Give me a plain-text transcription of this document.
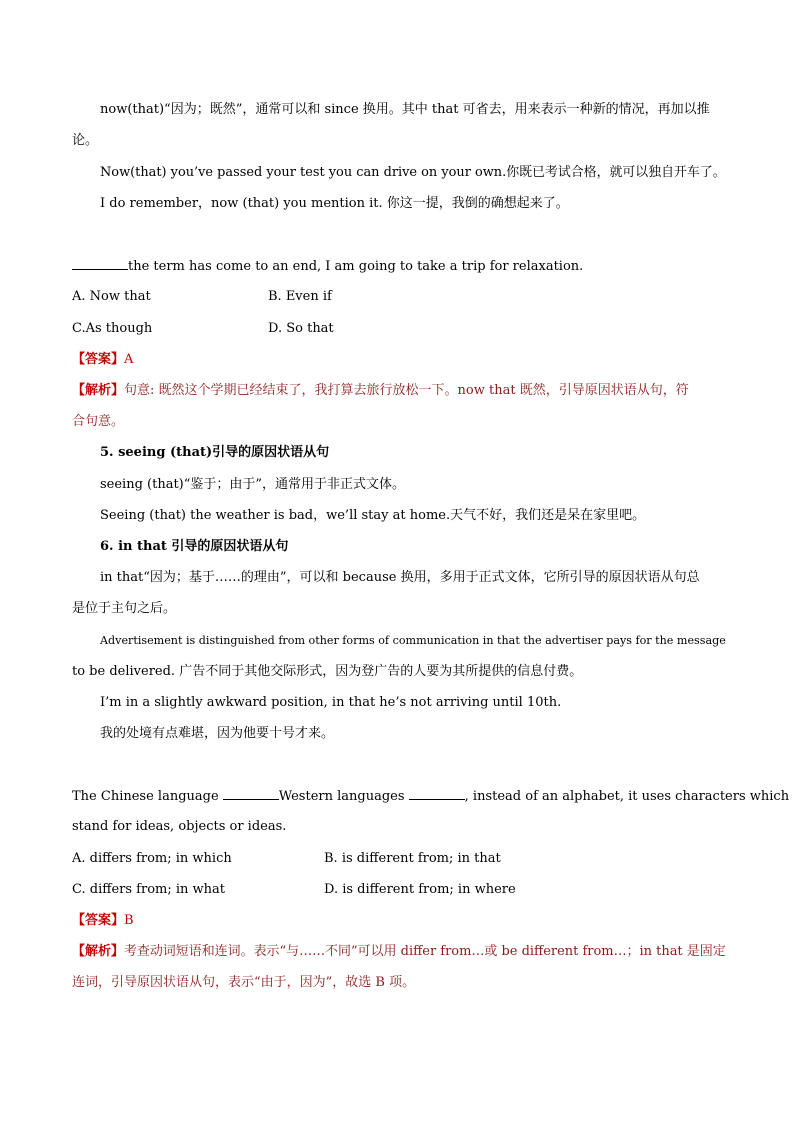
now(that)“因为；既然”，通常可以和 since 换用。其中 that 可省去，用来表示一种新的情况，再加以推
论。
Now(that) you’ve passed your test you can drive on your own.你既已考试合格，就可以独自开车了。
I do remember，now (that) you mention it. 你这一提，我倒的确想起来了。
the term has come to an end, I am going to take a trip for relaxation.
A. Now that	B. Even if
C.As though	D. So that
【答案】A
【解析】句意: 既然这个学期已经结束了，我打算去旅行放松一下。now that 既然，引导原因状语从句，符
合句意。
5. seeing (that)引导的原因状语从句
seeing (that)“鉴于；由于”，通常用于非正式文体。
Seeing (that) the weather is bad，we’ll stay at home.天气不好，我们还是呆在家里吧。
6. in that 引导的原因状语从句
in that“因为；基于……的理由”，可以和 because 换用，多用于正式文体，它所引导的原因状语从句总
是位于主句之后。
Advertisement is distinguished from other forms of communication in that the advertiser pays for the message
to be delivered. 广告不同于其他交际形式，因为登广告的人要为其所提供的信息付费。
I’m in a slightly awkward position, in that he’s not arriving until 10th.
我的处境有点难堪，因为他要十号才来。
The Chinese language	Western languages	, instead of an alphabet, it uses characters which
stand for ideas, objects or ideas.
A. differs from; in which	B. is different from; in that
C. differs from; in what	D. is different from; in where
【答案】B
【解析】考查动词短语和连词。表示“与……不同”可以用 differ from…或 be different from…；in that 是固定
连词，引导原因状语从句，表示“由于，因为”，故选 B 项。
